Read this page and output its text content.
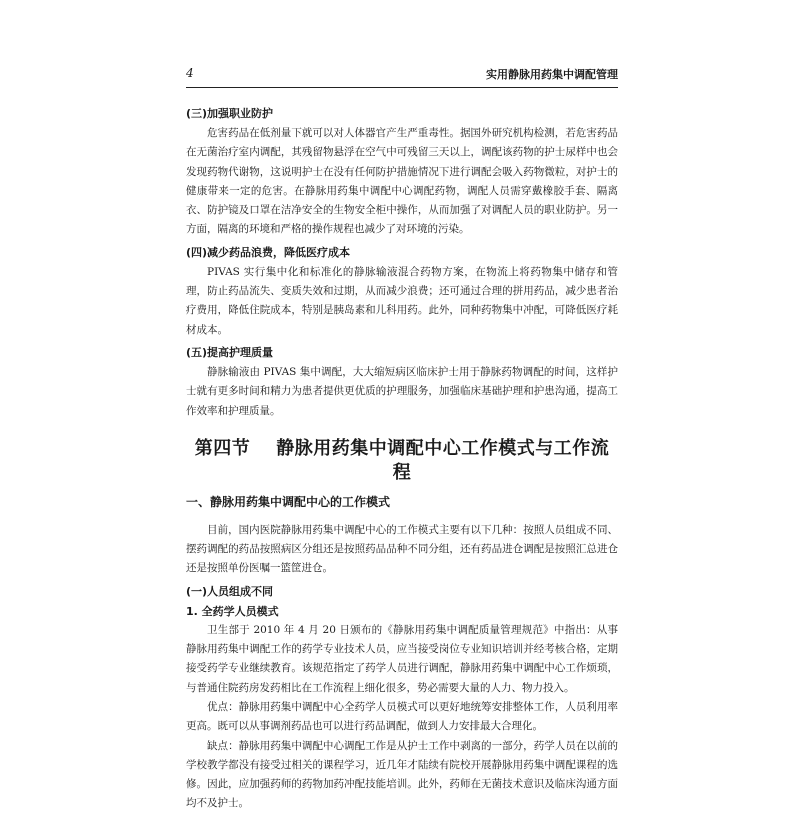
4	实用静脉用药集中调配管理
(三)加强职业防护

危害药品在低剂量下就可以对人体器官产生严重毒性。据国外研究机构检测，若危害药品在无菌治疗室内调配，其残留物悬浮在空气中可残留三天以上，调配该药物的护士尿样中也会发现药物代谢物，这说明护士在没有任何防护措施情况下进行调配会吸入药物微粒，对护士的健康带来一定的危害。在静脉用药集中调配中心调配药物，调配人员需穿戴橡胶手套、隔离衣、防护镜及口罩在洁净安全的生物安全柜中操作，从而加强了对调配人员的职业防护。另一方面，隔离的环境和严格的操作规程也减少了对环境的污染。

(四)减少药品浪费，降低医疗成本

PIVAS 实行集中化和标准化的静脉输液混合药物方案，在物流上将药物集中储存和管理，防止药品流失、变质失效和过期，从而减少浪费；还可通过合理的拼用药品，减少患者治疗费用，降低住院成本，特别是胰岛素和儿科用药。此外，同种药物集中冲配，可降低医疗耗材成本。

(五)提高护理质量

静脉输液由 PIVAS 集中调配，大大缩短病区临床护士用于静脉药物调配的时间，这样护士就有更多时间和精力为患者提供更优质的护理服务，加强临床基础护理和护患沟通，提高工作效率和护理质量。

第四节 静脉用药集中调配中心工作模式与工作流程
一、静脉用药集中调配中心的工作模式

目前，国内医院静脉用药集中调配中心的工作模式主要有以下几种：按照人员组成不同、摆药调配的药品按照病区分组还是按照药品品种不同分组，还有药品进仓调配是按照汇总进仓还是按照单份医嘱一篮筐进仓。

(一)人员组成不同
1. 全药学人员模式

卫生部于 2010 年 4 月 20 日颁布的《静脉用药集中调配质量管理规范》中指出：从事静脉用药集中调配工作的药学专业技术人员，应当接受岗位专业知识培训并经考核合格，定期接受药学专业继续教育。该规范指定了药学人员进行调配，静脉用药集中调配中心工作烦琐，与普通住院药房发药相比在工作流程上细化很多，势必需要大量的人力、物力投入。

优点：静脉用药集中调配中心全药学人员模式可以更好地统筹安排整体工作，人员利用率更高。既可以从事调剂药品也可以进行药品调配，做到人力安排最大合理化。

缺点：静脉用药集中调配中心调配工作是从护士工作中剥离的一部分，药学人员在以前的学校教学都没有接受过相关的课程学习，近几年才陆续有院校开展静脉用药集中调配课程的选修。因此，应加强药师的药物加药冲配技能培训。此外，药师在无菌技术意识及临床沟通方面均不及护士。
